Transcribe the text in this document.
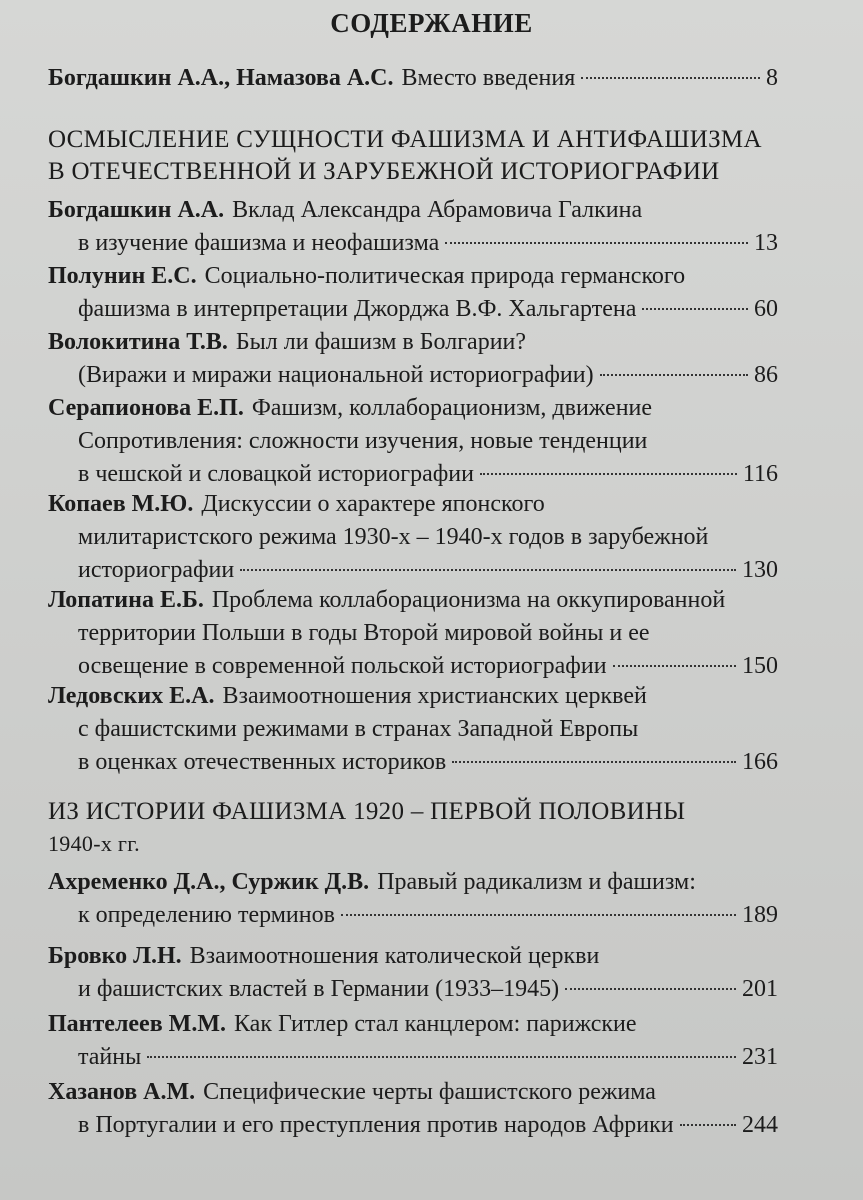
СОДЕРЖАНИЕ
Богдашкин А.А., Намазова А.С. Вместо введения	8
ОСМЫСЛЕНИЕ СУЩНОСТИ ФАШИЗМА И АНТИФАШИЗМА
В ОТЕЧЕСТВЕННОЙ И ЗАРУБЕЖНОЙ ИСТОРИОГРАФИИ
Богдашкин А.А. Вклад Александра Абрамовича Галкина
в изучение фашизма и неофашизма	13
Полунин Е.С. Социально-политическая природа германского
фашизма в интерпретации Джорджа В.Ф. Хальгартена	60
Волокитина Т.В. Был ли фашизм в Болгарии?
(Виражи и миражи национальной историографии)	86
Серапионова Е.П. Фашизм, коллаборационизм, движение
Сопротивления: сложности изучения, новые тенденции
в чешской и словацкой историографии	116
Копаев М.Ю. Дискуссии о характере японского
милитаристского режима 1930-х – 1940-х годов в зарубежной
историографии	130
Лопатина Е.Б. Проблема коллаборационизма на оккупированной
территории Польши в годы Второй мировой войны и ее
освещение в современной польской историографии	150
Ледовских Е.А. Взаимоотношения христианских церквей
с фашистскими режимами в странах Западной Европы
в оценках отечественных историков	166
ИЗ ИСТОРИИ ФАШИЗМА 1920 – ПЕРВОЙ ПОЛОВИНЫ
1940-х гг.
Ахременко Д.А., Суржик Д.В. Правый радикализм и фашизм:
к определению терминов	189
Бровко Л.Н. Взаимоотношения католической церкви
и фашистских властей в Германии (1933–1945)	201
Пантелеев М.М. Как Гитлер стал канцлером: парижские
тайны	231
Хазанов А.М. Специфические черты фашистского режима
в Португалии и его преступления против народов Африки	244
